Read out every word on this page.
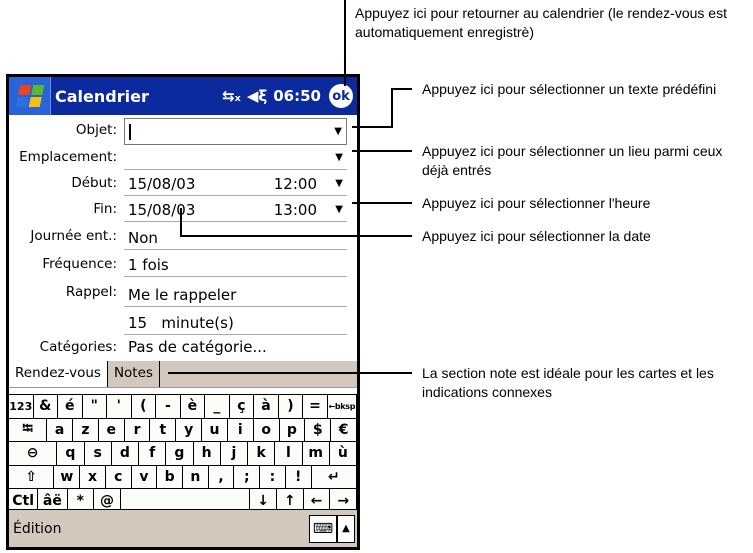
Calendrier	⇆ₓ ◀ξ 06:50 ok
Objet:	▼
Emplacement:	▼
Début: 15/08/03	12:00 ▼
Fin: 15/08/03	13:00 ▼
Journée ent.: Non
Fréquence: 1 fois
Rappel: Me le rappeler
15
minute(s)
Catégories: Pas de catégorie...
Rendez-vous Notes
123 & é	"	'	(	-	è	_	ç	à	)	= ←bksp
⭾	a	z	e	r	t	y	u	i	o	p	$	€
⊖	q	s	d	f	g	h	j	k	l	m	ù
⇧	w	x	c	v	b	n	,	;	:	!	↵
Ctl âë	*	@	↓	↑	←	→
Édition	⌨ ▲
Appuyez ici pour retourner au calendrier (le rendez-vous est automatiquement enregistrè)
Appuyez ici pour sélectionner un texte prédéfini
Appuyez ici pour sélectionner un lieu parmi ceux déjà entrés
Appuyez ici pour sélectionner l'heure
Appuyez ici pour sélectionner la date
La section note est idéale pour les cartes et les indications connexes
